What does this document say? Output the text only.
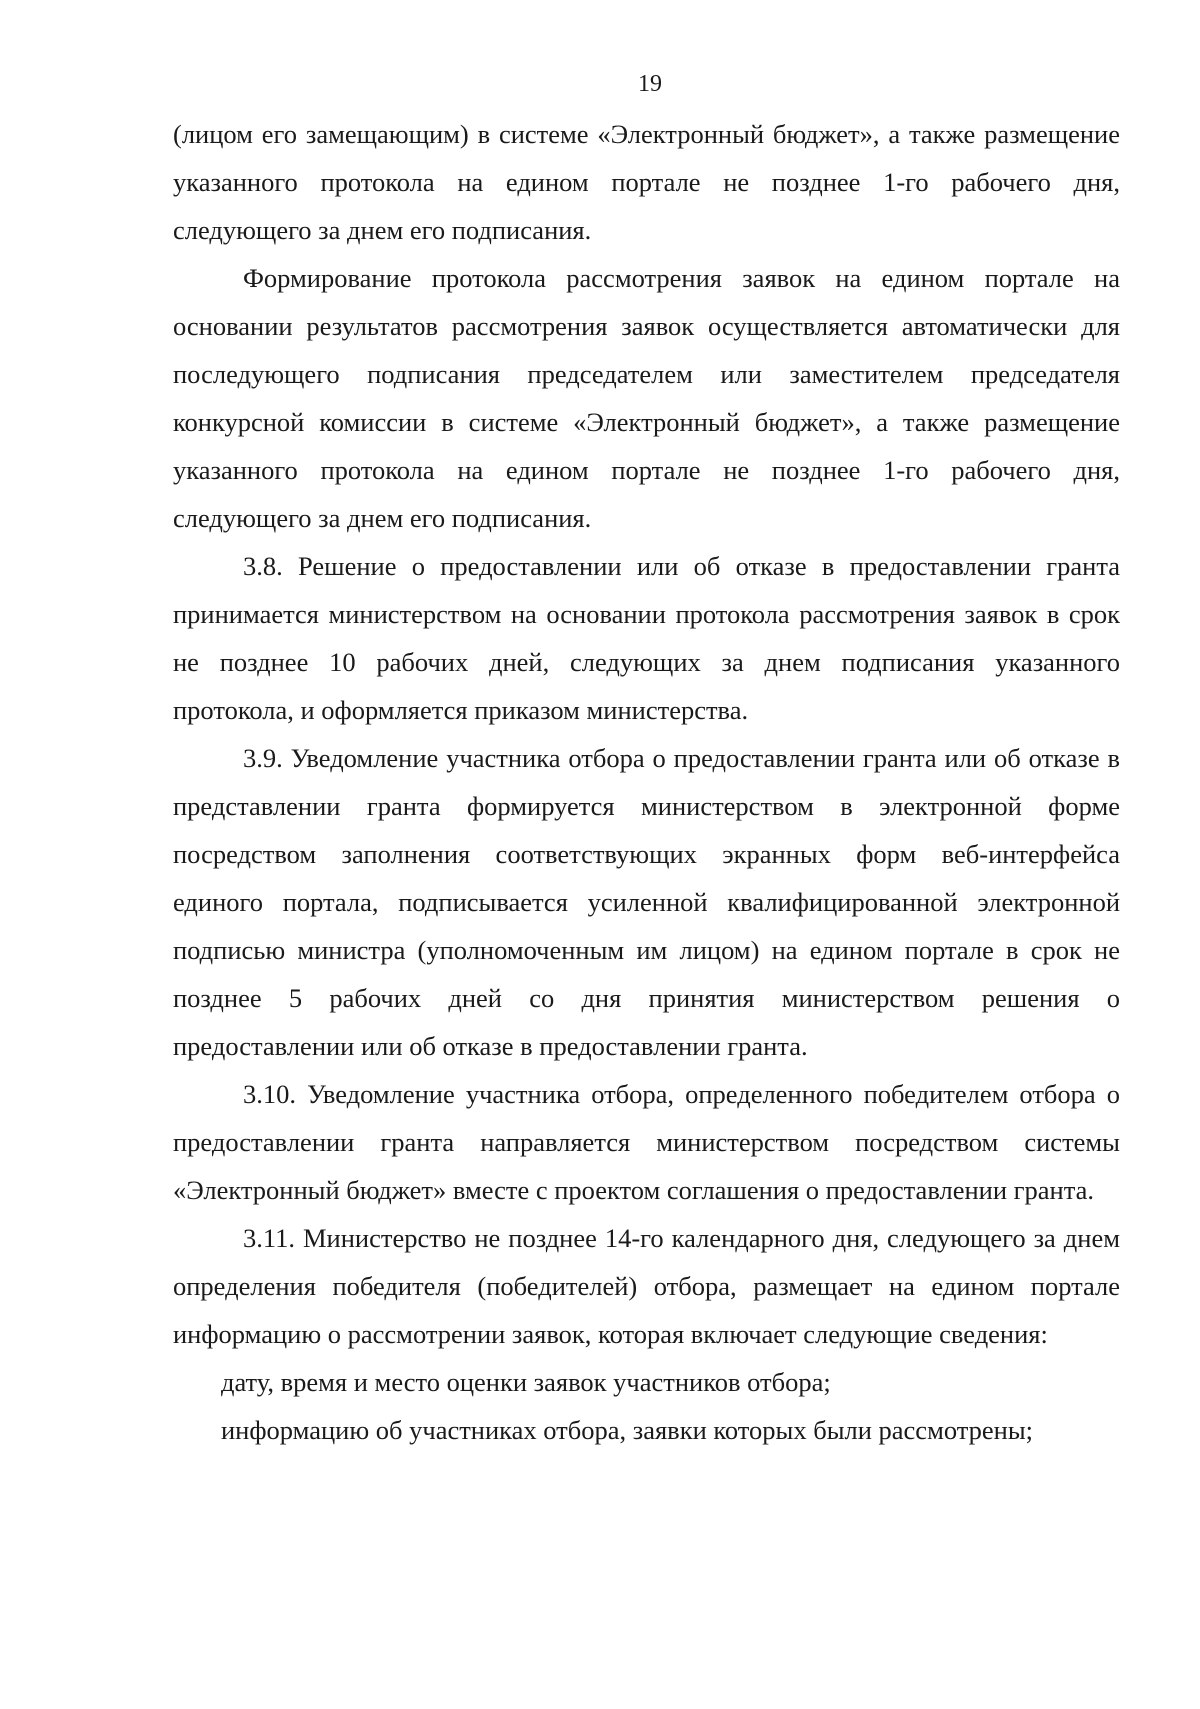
19

(лицом его замещающим) в системе «Электронный бюджет», а также размещение указанного протокола на едином портале не позднее 1-го рабочего дня, следующего за днем его подписания.

Формирование протокола рассмотрения заявок на едином портале на основании результатов рассмотрения заявок осуществляется автоматически для последующего подписания председателем или заместителем председателя конкурсной комиссии в системе «Электронный бюджет», а также размещение указанного протокола на едином портале не позднее 1-го рабочего дня, следующего за днем его подписания.

3.8. Решение о предоставлении или об отказе в предоставлении гранта принимается министерством на основании протокола рассмотрения заявок в срок не позднее 10 рабочих дней, следующих за днем подписания указанного протокола, и оформляется приказом министерства.

3.9. Уведомление участника отбора о предоставлении гранта или об отказе в представлении гранта формируется министерством в электронной форме посредством заполнения соответствующих экранных форм веб-интерфейса единого портала, подписывается усиленной квалифицированной электронной подписью министра (уполномоченным им лицом) на едином портале в срок не позднее 5 рабочих дней со дня принятия министерством решения о предоставлении или об отказе в предоставлении гранта.

3.10. Уведомление участника отбора, определенного победителем отбора о предоставлении гранта направляется министерством посредством системы «Электронный бюджет» вместе с проектом соглашения о предоставлении гранта.

3.11. Министерство не позднее 14-го календарного дня, следующего за днем определения победителя (победителей) отбора, размещает на едином портале информацию о рассмотрении заявок, которая включает следующие сведения:

дату, время и место оценки заявок участников отбора;

информацию об участниках отбора, заявки которых были рассмотрены;
